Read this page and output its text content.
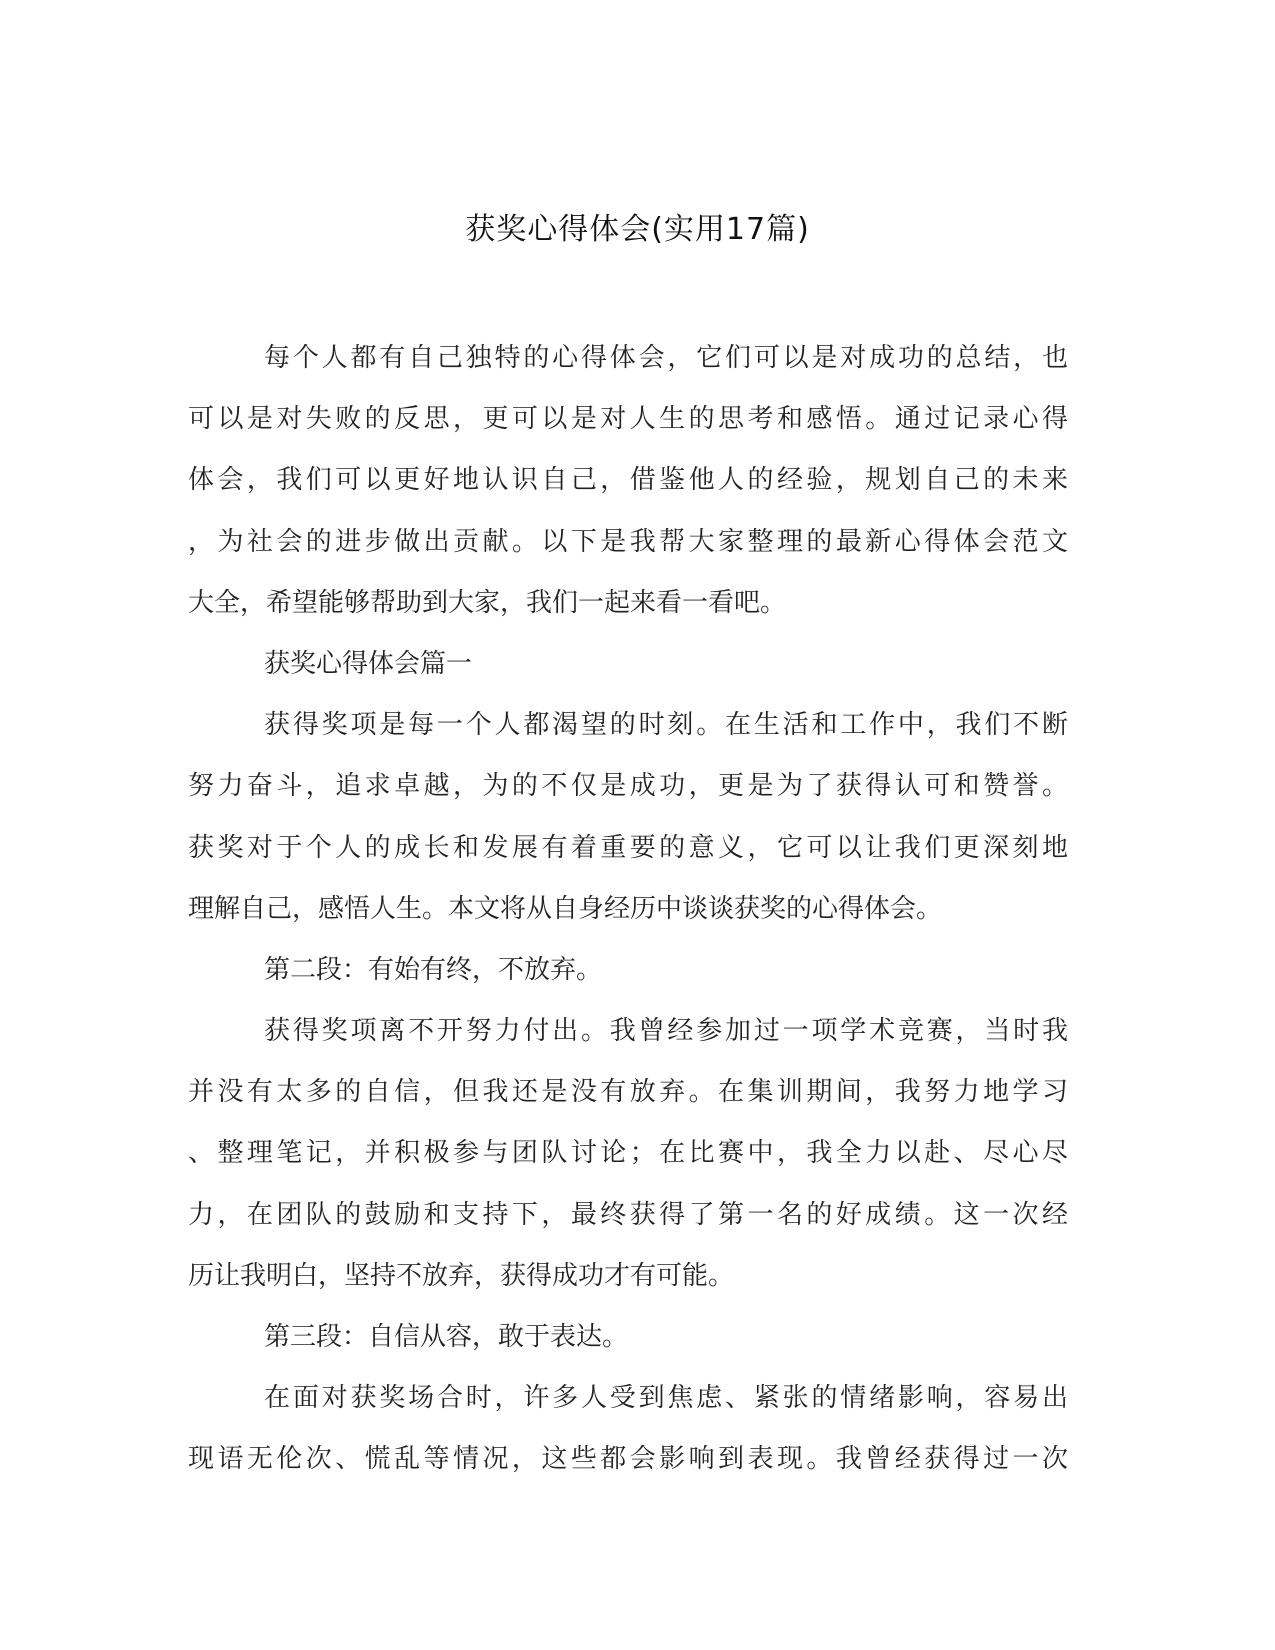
获奖心得体会(实用17篇)
每个人都有自己独特的心得体会，它们可以是对成功的总结，也
可以是对失败的反思，更可以是对人生的思考和感悟。通过记录心得
体会，我们可以更好地认识自己，借鉴他人的经验，规划自己的未来
，为社会的进步做出贡献。以下是我帮大家整理的最新心得体会范文
大全，希望能够帮助到大家，我们一起来看一看吧。
获奖心得体会篇一
获得奖项是每一个人都渴望的时刻。在生活和工作中，我们不断
努力奋斗，追求卓越，为的不仅是成功，更是为了获得认可和赞誉。
获奖对于个人的成长和发展有着重要的意义，它可以让我们更深刻地
理解自己，感悟人生。本文将从自身经历中谈谈获奖的心得体会。
第二段：有始有终，不放弃。
获得奖项离不开努力付出。我曾经参加过一项学术竞赛，当时我
并没有太多的自信，但我还是没有放弃。在集训期间，我努力地学习
、整理笔记，并积极参与团队讨论；在比赛中，我全力以赴、尽心尽
力，在团队的鼓励和支持下，最终获得了第一名的好成绩。这一次经
历让我明白，坚持不放弃，获得成功才有可能。
第三段：自信从容，敢于表达。
在面对获奖场合时，许多人受到焦虑、紧张的情绪影响，容易出
现语无伦次、慌乱等情况，这些都会影响到表现。我曾经获得过一次
